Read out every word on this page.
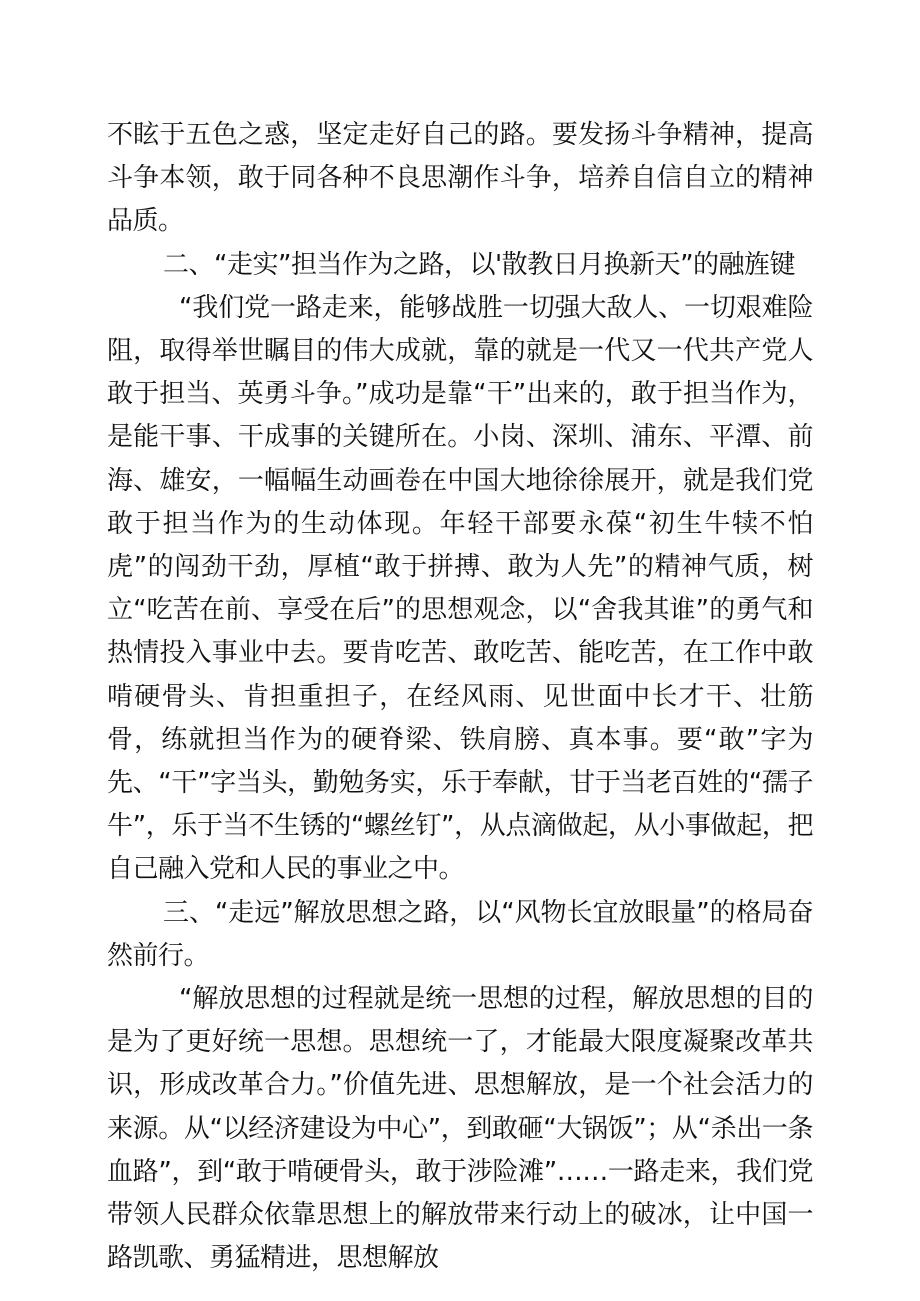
不眩于五色之惑，坚定走好自己的路。要发扬斗争精神，提高斗争本领，敢于同各种不良思潮作斗争，培养自信自立的精神品质。

二、“走实”担当作为之路，以'散教日月换新天”的融旌键

“我们党一路走来，能够战胜一切强大敌人、一切艰难险阻，取得举世瞩目的伟大成就，靠的就是一代又一代共产党人敢于担当、英勇斗争。”成功是靠“干”出来的，敢于担当作为，是能干事、干成事的关键所在。小岗、深圳、浦东、平潭、前海、雄安，一幅幅生动画卷在中国大地徐徐展开，就是我们党敢于担当作为的生动体现。年轻干部要永葆“初生牛犊不怕虎”的闯劲干劲，厚植“敢于拼搏、敢为人先”的精神气质，树立“吃苦在前、享受在后”的思想观念，以“舍我其谁”的勇气和热情投入事业中去。要肯吃苦、敢吃苦、能吃苦，在工作中敢啃硬骨头、肯担重担子，在经风雨、见世面中长才干、壮筋骨，练就担当作为的硬脊梁、铁肩膀、真本事。要“敢”字为先、“干”字当头，勤勉务实，乐于奉献，甘于当老百姓的“孺子牛”，乐于当不生锈的“螺丝钉”，从点滴做起，从小事做起，把自己融入党和人民的事业之中。

三、“走远”解放思想之路，以“风物长宜放眼量”的格局奋然前行。

“解放思想的过程就是统一思想的过程，解放思想的目的是为了更好统一思想。思想统一了，才能最大限度凝聚改革共识，形成改革合力。”价值先进、思想解放，是一个社会活力的来源。从“以经济建设为中心”，到敢砸“大锅饭”；从“杀出一条血路”，到“敢于啃硬骨头，敢于涉险滩”……一路走来，我们党带领人民群众依靠思想上的解放带来行动上的破冰，让中国一路凯歌、勇猛精进，思想解放
